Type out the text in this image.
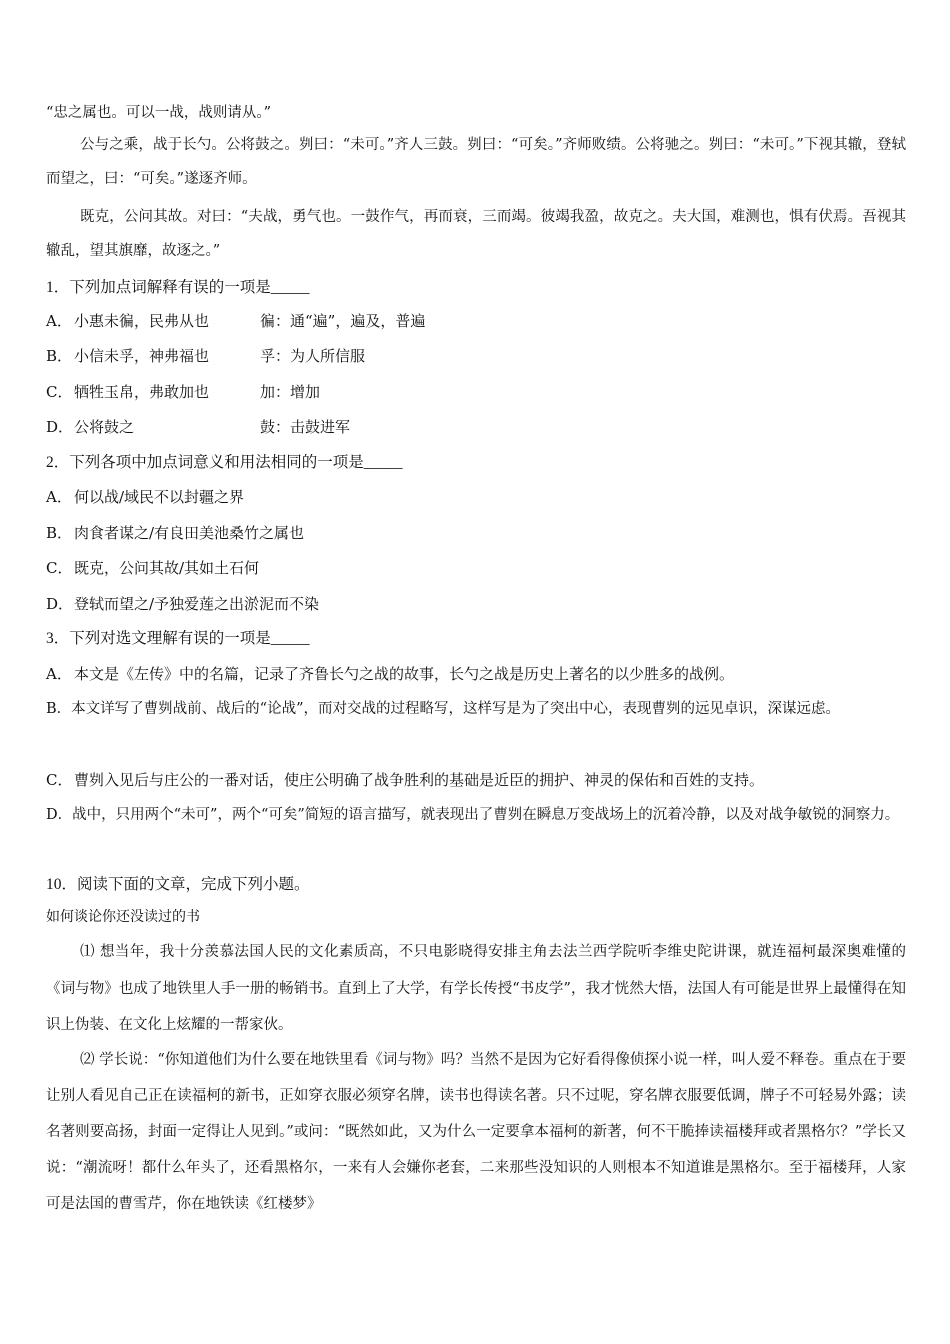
“忠之属也。可以一战，战则请从。”

公与之乘，战于长勺。公将鼓之。刿曰：“未可。”齐人三鼓。刿曰：“可矣。”齐师败绩。公将驰之。刿曰：“未可。”下视其辙，登轼而望之，曰：“可矣。”遂逐齐师。

既克，公问其故。对曰：“夫战，勇气也。一鼓作气，再而衰，三而竭。彼竭我盈，故克之。夫大国，难测也，惧有伏焉。吾视其辙乱，望其旗靡，故逐之。”

1．下列加点词解释有误的一项是_____
A． 小惠未徧，民弗从也	徧：通“遍”，遍及，普遍
B． 小信未孚，神弗福也	孚：为人所信服
C． 牺牲玉帛，弗敢加也	加：增加
D．公将鼓之	鼓：击鼓进军
2．下列各项中加点词意义和用法相同的一项是_____
A． 何以战/域民不以封疆之界
B． 肉食者谋之/有良田美池桑竹之属也
C． 既克，公问其故/其如土石何
D．登轼而望之/予独爱莲之出淤泥而不染
3．下列对选文理解有误的一项是_____
A． 本文是《左传》中的名篇，记录了齐鲁长勺之战的故事，长勺之战是历史上著名的以少胜多的战例。

B．本文详写了曹刿战前、战后的“论战”，而对交战的过程略写，这样写是为了突出中心，表现曹刿的远见卓识，深谋远虑。

C． 曹刿入见后与庄公的一番对话，使庄公明确了战争胜利的基础是近臣的拥护、神灵的保佑和百姓的支持。

D．战中，只用两个“未可”，两个“可矣”简短的语言描写，就表现出了曹刿在瞬息万变战场上的沉着冷静，以及对战争敏锐的洞察力。

10．阅读下面的文章，完成下列小题。
如何谈论你还没读过的书

⑴ 想当年，我十分羡慕法国人民的文化素质高，不只电影晓得安排主角去法兰西学院听李维史陀讲课，就连福柯最深奥难懂的《词与物》也成了地铁里人手一册的畅销书。直到上了大学，有学长传授“书皮学”，我才恍然大悟，法国人有可能是世界上最懂得在知识上伪装、在文化上炫耀的一帮家伙。

⑵ 学长说：“你知道他们为什么要在地铁里看《词与物》吗？当然不是因为它好看得像侦探小说一样，叫人爱不释卷。重点在于要让别人看见自己正在读福柯的新书，正如穿衣服必须穿名牌，读书也得读名著。只不过呢，穿名牌衣服要低调，牌子不可轻易外露；读名著则要高扬，封面一定得让人见到。”或问：“既然如此，又为什么一定要拿本福柯的新著，何不干脆捧读福楼拜或者黑格尔？”学长又说：“潮流呀！都什么年头了，还看黑格尔，一来有人会嫌你老套，二来那些没知识的人则根本不知道谁是黑格尔。至于福楼拜，人家可是法国的曹雪芹，你在地铁读《红楼梦》
